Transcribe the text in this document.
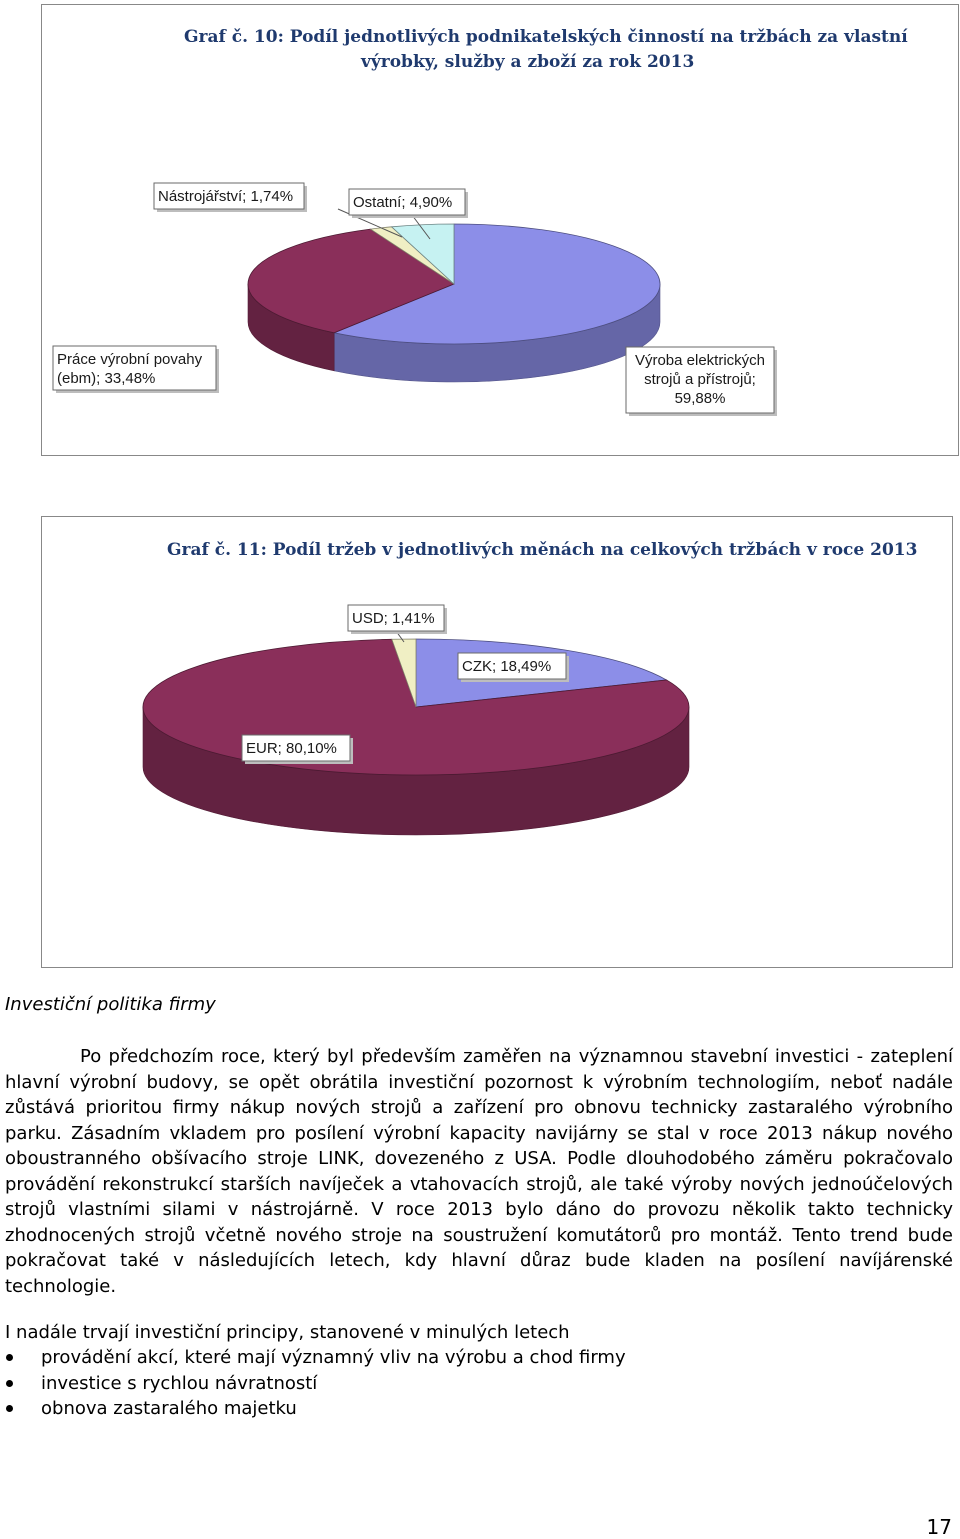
Graf č. 10: Podíl jednotlivých podnikatelských činností na tržbách za vlastní
výrobky, služby a zboží za rok 2013
Výroba elektrických
strojů a přístrojů;
59,88%
Práce výrobní povahy
(ebm); 33,48%
Nástrojářství; 1,74%	Ostatní; 4,90%
Graf č. 11: Podíl tržeb v jednotlivých měnách na celkových tržbách v roce 2013
CZK; 18,49%
EUR; 80,10%
USD; 1,41%
Investiční politika firmy

Po předchozím roce, který byl především zaměřen na významnou stavební investici - zateplení hlavní výrobní budovy, se opět obrátila investiční pozornost k výrobním technologiím, neboť nadále zůstává prioritou firmy nákup nových strojů a zařízení pro obnovu technicky zastaralého výrobního parku. Zásadním vkladem pro posílení výrobní kapacity navijárny se stal v roce 2013 nákup nového oboustranného obšívacího stroje LINK, dovezeného z USA. Podle dlouhodobého záměru pokračovalo provádění rekonstrukcí starších navíječek a vtahovacích strojů, ale také výroby nových jednoúčelových strojů vlastními silami v nástrojárně. V roce 2013 bylo dáno do provozu několik takto technicky zhodnocených strojů včetně nového stroje na soustružení komutátorů pro montáž. Tento trend bude pokračovat také v následujících letech, kdy hlavní důraz bude kladen na posílení navíjárenské technologie.

I nadále trvají investiční principy, stanovené v minulých letech

provádění akcí, které mají významný vliv na výrobu a chod firmy
investice s rychlou návratností
obnova zastaralého majetku

17
